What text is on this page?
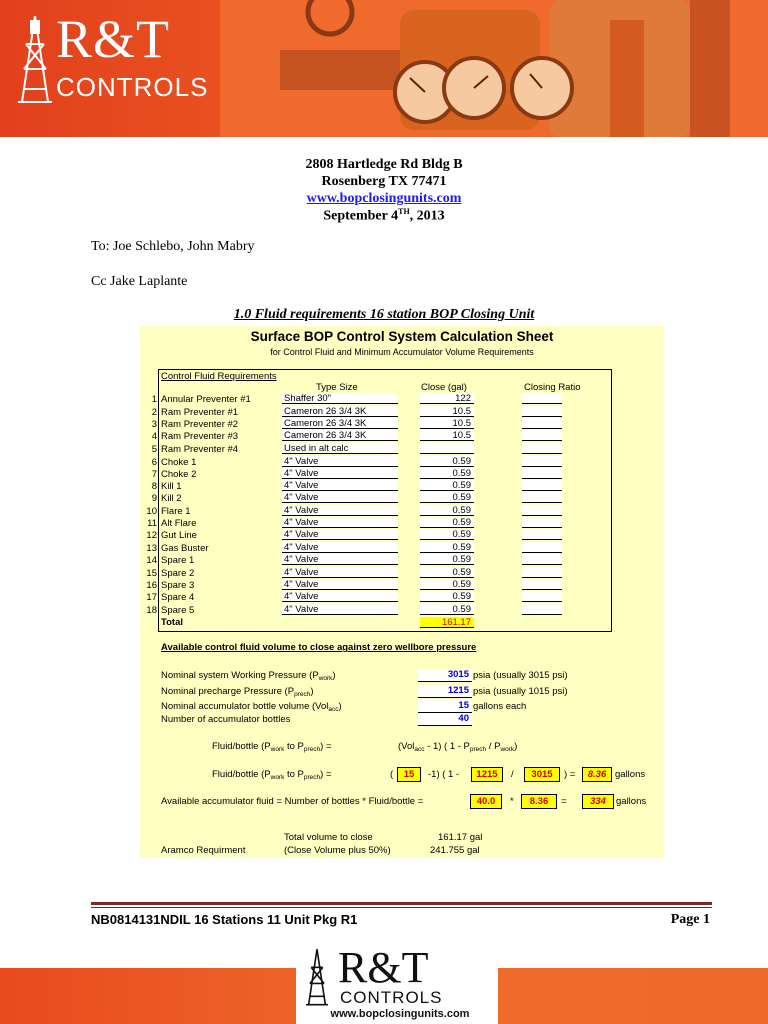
R&T
CONTROLS
2808 Hartledge Rd Bldg B
Rosenberg TX 77471
www.bopclosingunits.com
September 4TH, 2013
To: Joe Schlebo, John Mabry
Cc Jake Laplante
1.0 Fluid requirements 16 station BOP Closing Unit
Surface BOP Control System Calculation Sheet
for Control Fluid and Minimum Accumulator Volume Requirements
Control Fluid Requirements
Type Size	Close (gal)	Closing Ratio
1 Annular Preventer #1	Shaffer 30"	122
2 Ram Preventer #1	Cameron 26 3/4 3K	10.5
3 Ram Preventer #2	Cameron 26 3/4 3K	10.5
4 Ram Preventer #3	Cameron 26 3/4 3K	10.5
5 Ram Preventer #4	Used in alt calc
6 Choke 1	4" Valve	0.59
7 Choke 2	4" Valve	0.59
8 Kill 1	4" Valve	0.59
9 Kill 2	4" Valve	0.59
10 Flare 1	4" Valve	0.59
11 Alt Flare	4" Valve	0.59
12 Gut Line	4" Valve	0.59
13 Gas Buster	4" Valve	0.59
14 Spare 1	4" Valve	0.59
15 Spare 2	4" Valve	0.59
16 Spare 3	4" Valve	0.59
17 Spare 4	4" Valve	0.59
18 Spare 5	4" Valve	0.59
Total	161.17
Available control fluid volume to close against zero wellbore pressure
Nominal system Working Pressure $(P_{work})$	3015 psia (usually 3015 psi)
Nominal precharge Pressure $(P_{prech})$	1215 psia (usually 1015 psi)
Nominal accumulator bottle volume (Vol$_{acc}$)	15 gallons each
Number of accumulator bottles	40
Fluid/bottle ($P_{work}$ to $P_{prech}$) =	(Vol$_{acc}$ - 1) ( $1 - P_{prech} / P_{work}$)
Fluid/bottle ($P_{work}$ to $P_{prech}$) =	(	15	-1) ( 1 -	1215	/	3015	) =	8.36 gallons
Available accumulator fluid = Number of bottles * Fluid/bottle =	40.0	*	8.36	=	334	gallons
Total volume to close	161.17 gal
Aramco Requirment	(Close Volume plus 50%)	241.755 gal
NB0814131NDIL 16 Stations 11 Unit Pkg R1	Page 1
R&T
CONTROLS
www.bopclosingunits.com
